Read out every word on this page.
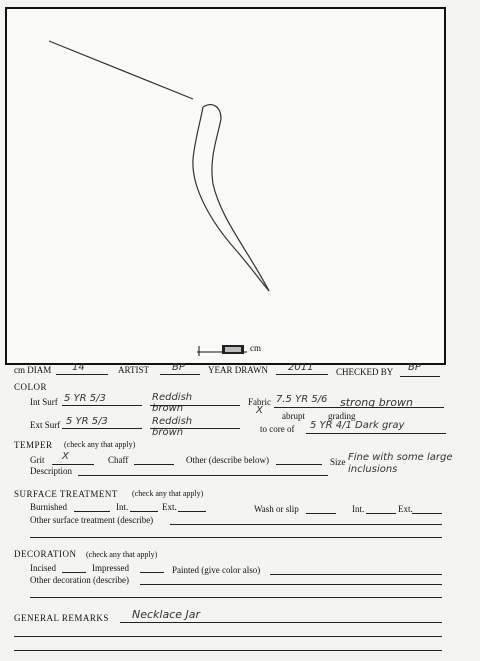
cm
cm DIAM 14	ARTIST BP	YEAR DRAWN 2011	CHECKED BY BP
COLOR
Int Surf 5 YR 5/3	Reddish brown
Fabric 7.5 YR 5/6 strong brown
Ext Surf 5 YR 5/3	Reddish brown
X abrupt	grading
to core of 5 YR 4/1 Dark gray
TEMPER (check any that apply)
Grit X	Chaff	Other (describe below)	Size Fine with some large inclusions
Description
SURFACE TREATMENT (check any that apply)
Burnished	Int.	Ext.	Wash or slip	Int.	Ext.
Other surface treatment (describe)
DECORATION (check any that apply)
Incised	Impressed	Painted (give color also)
Other decoration (describe)
GENERAL REMARKS Necklace Jar
